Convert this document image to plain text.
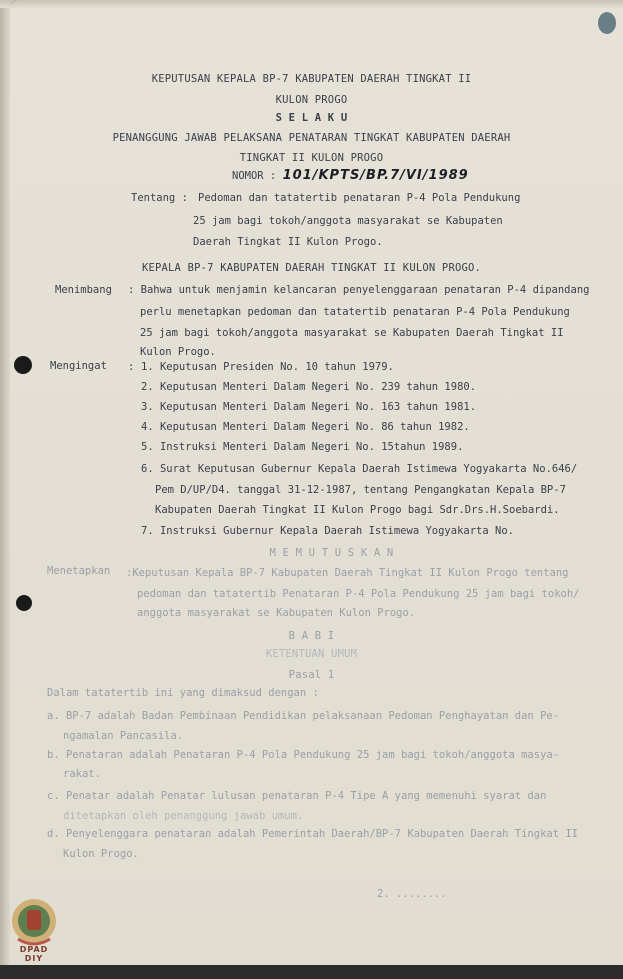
KEPUTUSAN KEPALA BP-7 KABUPATEN DAERAH TINGKAT II
KULON PROGO
S E L A K U
PENANGGUNG JAWAB PELAKSANA PENATARAN TINGKAT KABUPATEN DAERAH
TINGKAT II KULON PROGO
NOMOR : 101/KPTS/BP.7/VI/1989
Tentang : Pedoman dan tatatertib penataran P-4 Pola Pendukung
25 jam bagi tokoh/anggota masyarakat se Kabupaten
Daerah Tingkat II Kulon Progo.
KEPALA BP-7 KABUPATEN DAERAH TINGKAT II KULON PROGO.
Menimbang : Bahwa untuk menjamin kelancaran penyelenggaraan penataran P-4 dipandang
perlu menetapkan pedoman dan tatatertib penataran P-4 Pola Pendukung
25 jam bagi tokoh/anggota masyarakat se Kabupaten Daerah Tingkat II
Kulon Progo.
Mengingat : 1. Keputusan Presiden No. 10 tahun 1979.
2. Keputusan Menteri Dalam Negeri No. 239 tahun 1980.
3. Keputusan Menteri Dalam Negeri No. 163 tahun 1981.
4. Keputusan Menteri Dalam Negeri No. 86 tahun 1982.
5. Instruksi Menteri Dalam Negeri No. 15tahun 1989.
6. Surat Keputusan Gubernur Kepala Daerah Istimewa Yogyakarta No.646/
Pem D/UP/D4. tanggal 31-12-1987, tentang Pengangkatan Kepala BP-7
Kabupaten Daerah Tingkat II Kulon Progo bagi Sdr.Drs.H.Soebardi.
7. Instruksi Gubernur Kepala Daerah Istimewa Yogyakarta No.
M E M U T U S K A N
Menetapkan :Keputusan Kepala BP-7 Kabupaten Daerah Tingkat II Kulon Progo tentang
pedoman dan tatatertib Penataran P-4 Pola Pendukung 25 jam bagi tokoh/
anggota masyarakat se Kabupaten Kulon Progo.
B A B I
KETENTUAN UMUM
Pasal 1
Dalam tatatertib ini yang dimaksud dengan :
a. BP-7 adalah Badan Pembinaan Pendidikan pelaksanaan Pedoman Penghayatan dan Pe-
ngamalan Pancasila.
b. Penataran adalah Penataran P-4 Pola Pendukung 25 jam bagi tokoh/anggota masya-
rakat.
c. Penatar adalah Penatar lulusan penataran P-4 Tipe A yang memenuhi syarat dan
ditetapkan oleh penanggung jawab umum.
d. Penyelenggara penataran adalah Pemerintah Daerah/BP-7 Kabupaten Daerah Tingkat II
Kulon Progo.
2. ........
DPAD
DIY
